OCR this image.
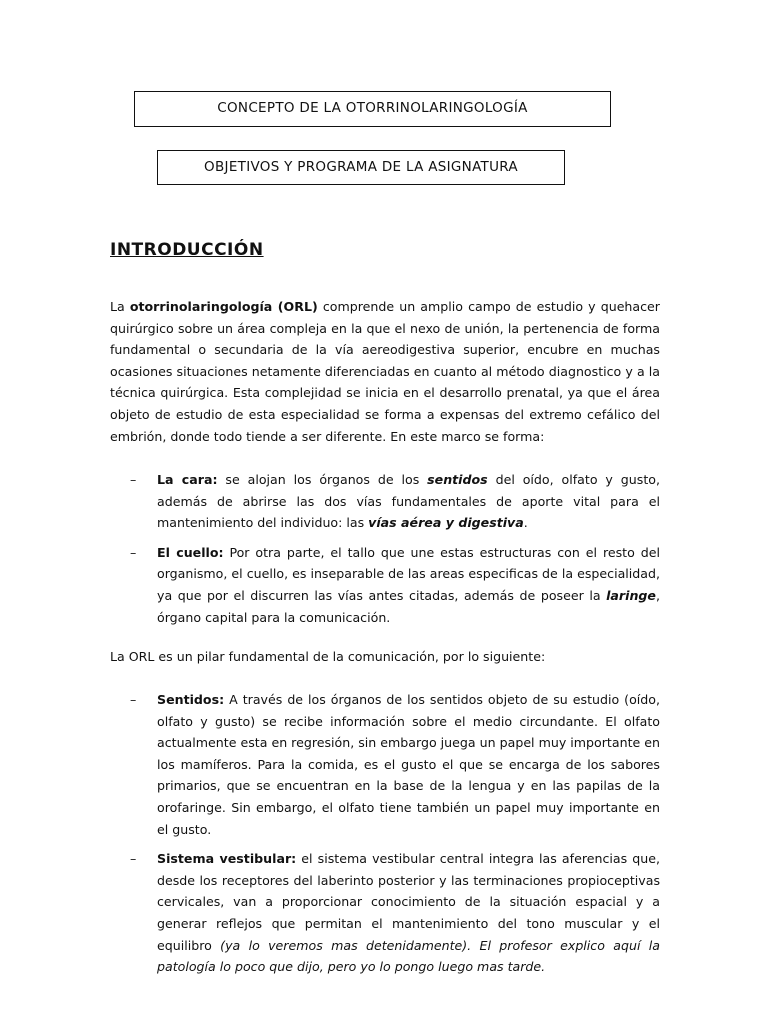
CONCEPTO DE LA OTORRINOLARINGOLOGÍA
OBJETIVOS Y PROGRAMA DE LA ASIGNATURA
INTRODUCCIÓN

La otorrinolaringología (ORL) comprende un amplio campo de estudio y quehacer quirúrgico sobre un área compleja en la que el nexo de unión, la pertenencia de forma fundamental o secundaria de la vía aereodigestiva superior, encubre en muchas ocasiones situaciones netamente diferenciadas en cuanto al método diagnostico y a la técnica quirúrgica. Esta complejidad se inicia en el desarrollo prenatal, ya que el área objeto de estudio de esta especialidad se forma a expensas del extremo cefálico del embrión, donde todo tiende a ser diferente. En este marco se forma:

– La cara: se alojan los órganos de los sentidos del oído, olfato y gusto, además de abrirse las dos vías fundamentales de aporte vital para el mantenimiento del individuo: las vías aérea y digestiva.
– El cuello: Por otra parte, el tallo que une estas estructuras con el resto del organismo, el cuello, es inseparable de las areas especificas de la especialidad, ya que por el discurren las vías antes citadas, además de poseer la laringe, órgano capital para la comunicación.

La ORL es un pilar fundamental de la comunicación, por lo siguiente:

– Sentidos: A través de los órganos de los sentidos objeto de su estudio (oído, olfato y gusto) se recibe información sobre el medio circundante. El olfato actualmente esta en regresión, sin embargo juega un papel muy importante en los mamíferos. Para la comida, es el gusto el que se encarga de los sabores primarios, que se encuentran en la base de la lengua y en las papilas de la orofaringe. Sin embargo, el olfato tiene también un papel muy importante en el gusto.
– Sistema vestibular: el sistema vestibular central integra las aferencias que, desde los receptores del laberinto posterior y las terminaciones propioceptivas cervicales, van a proporcionar conocimiento de la situación espacial y a generar reflejos que permitan el mantenimiento del tono muscular y el equilibro (ya lo veremos mas detenidamente). El profesor explico aquí la patología lo poco que dijo, pero yo lo pongo luego mas tarde.
